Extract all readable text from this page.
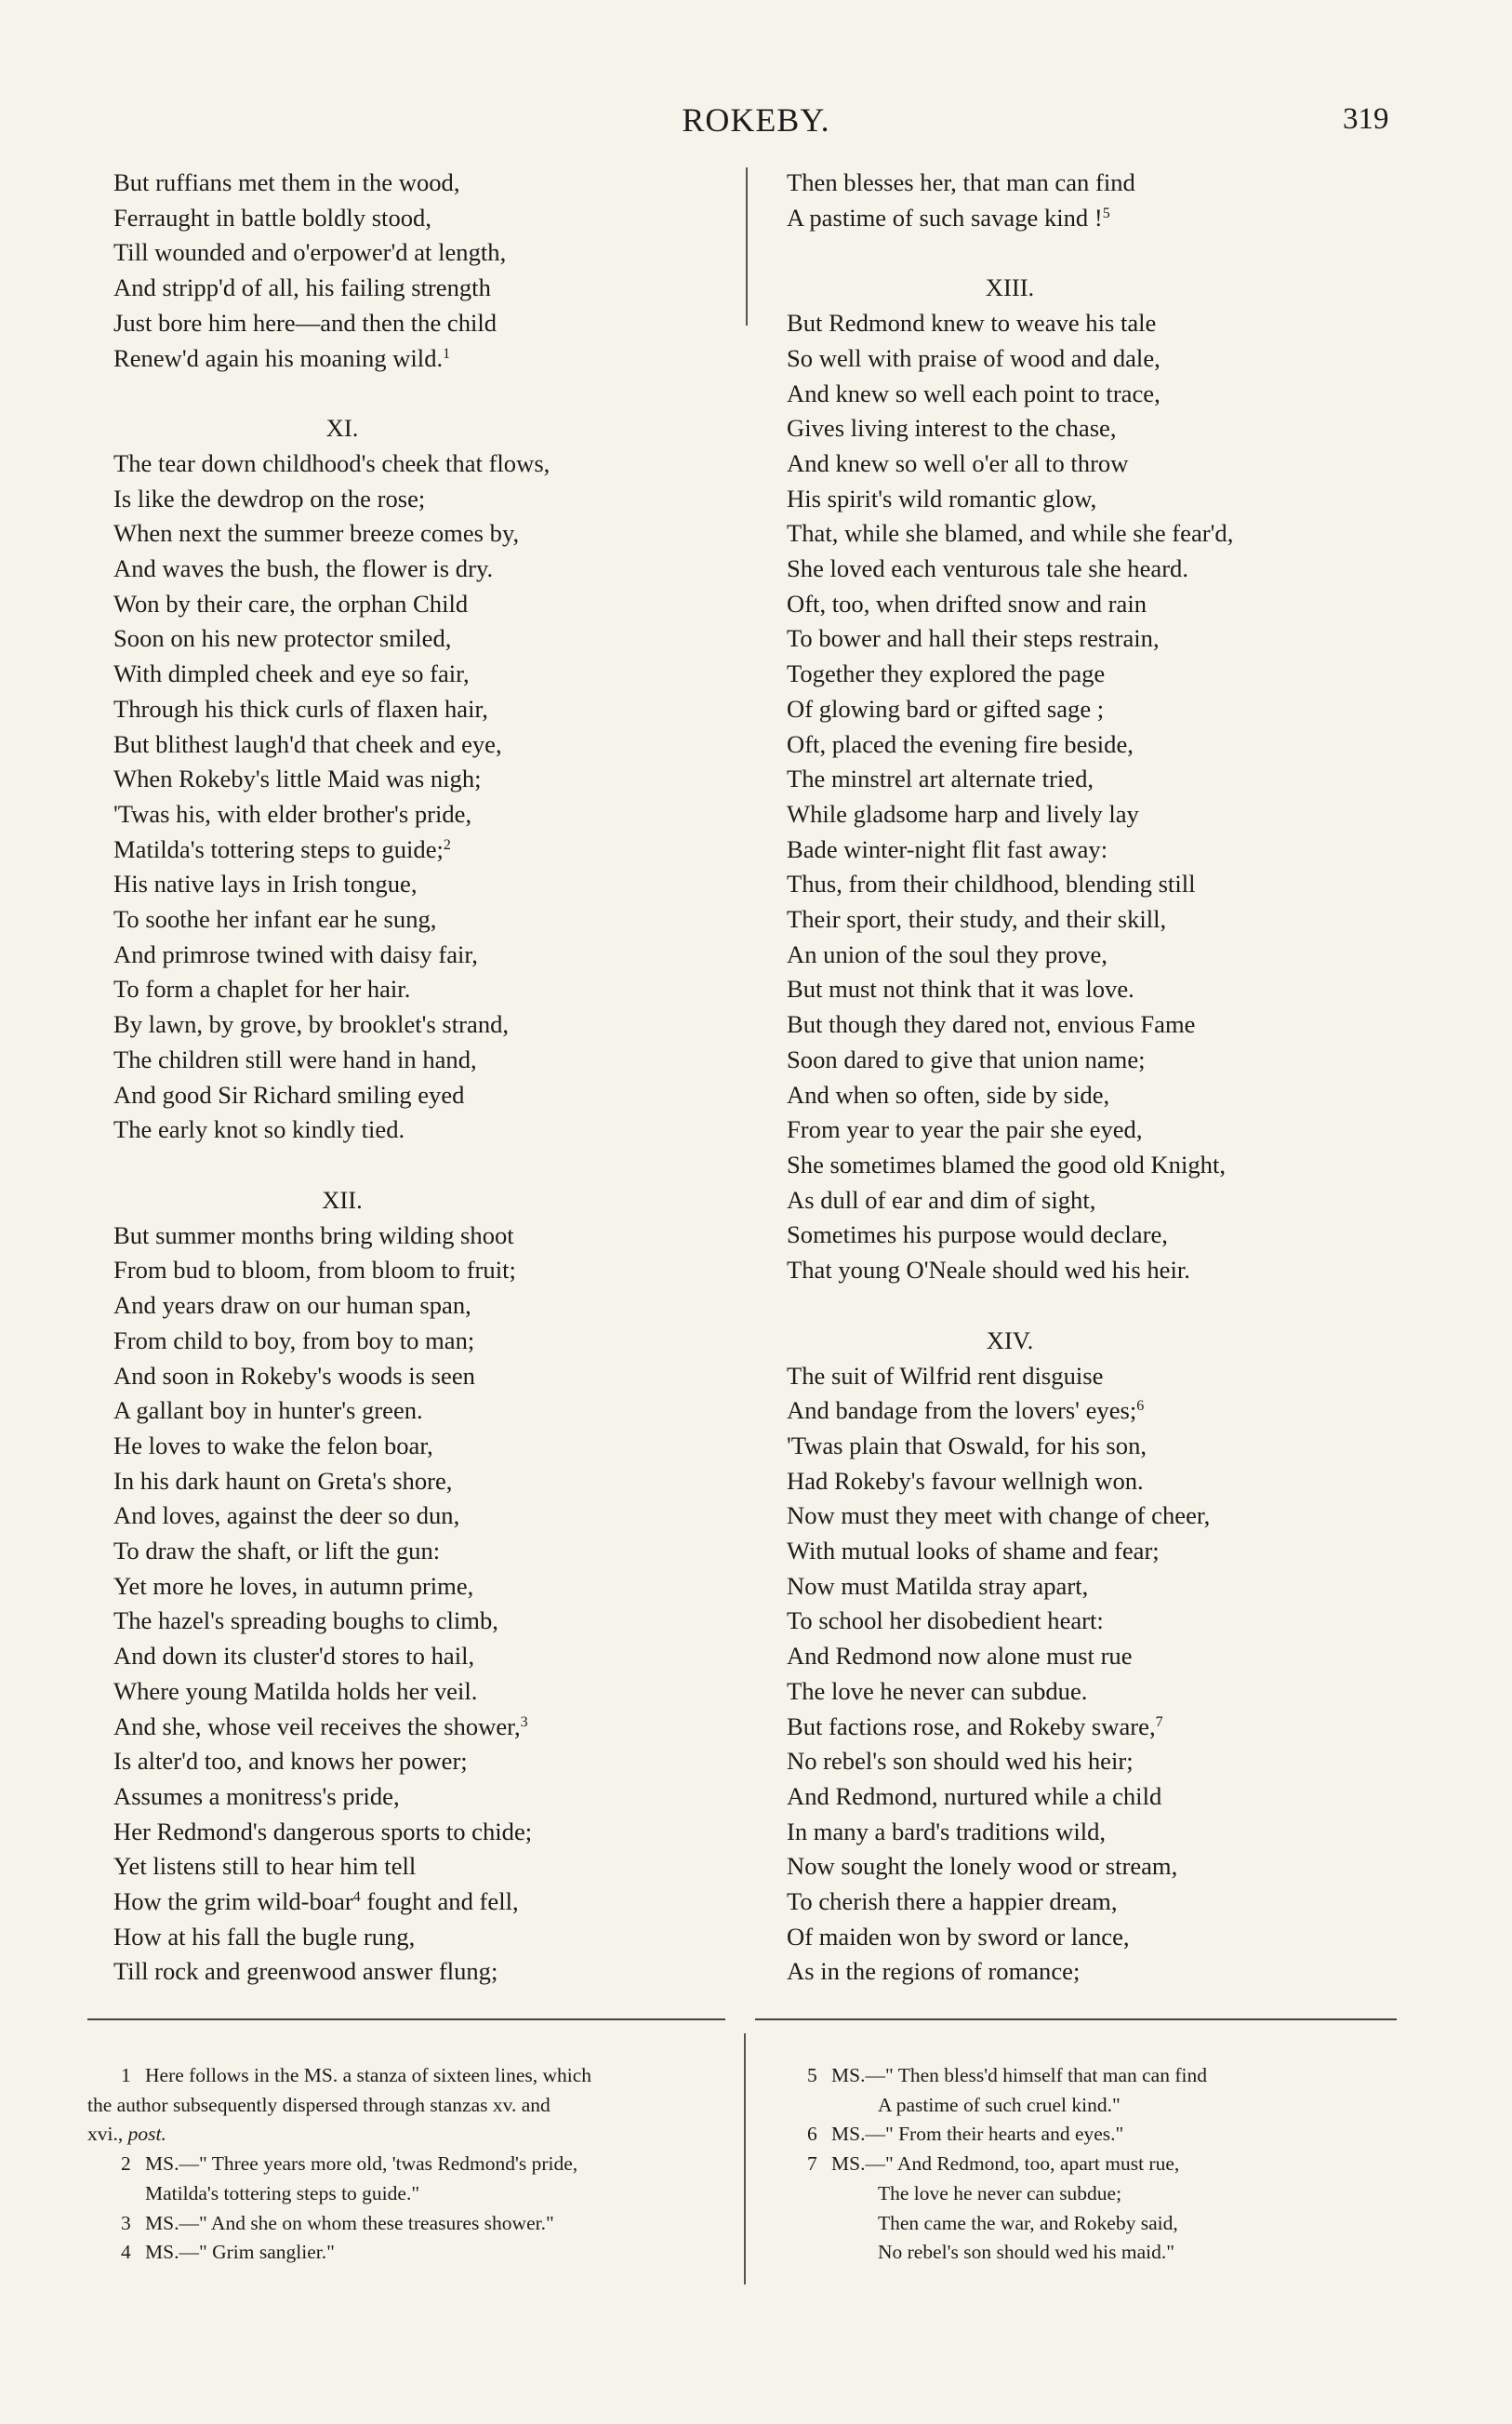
ROKEBY.	319
But ruffians met them in the wood,
Ferraught in battle boldly stood,
Till wounded and o'erpower'd at length,
And stripp'd of all, his failing strength
Just bore him here—and then the child
Renew'd again his moaning wild.$^1$
XI.
The tear down childhood's cheek that flows,
Is like the dewdrop on the rose;
When next the summer breeze comes by,
And waves the bush, the flower is dry.
Won by their care, the orphan Child
Soon on his new protector smiled,
With dimpled cheek and eye so fair,
Through his thick curls of flaxen hair,
But blithest laugh'd that cheek and eye,
When Rokeby's little Maid was nigh;
'Twas his, with elder brother's pride,
Matilda's tottering steps to guide;$^2$
His native lays in Irish tongue,
To soothe her infant ear he sung,
And primrose twined with daisy fair,
To form a chaplet for her hair.
By lawn, by grove, by brooklet's strand,
The children still were hand in hand,
And good Sir Richard smiling eyed
The early knot so kindly tied.
XII.
But summer months bring wilding shoot
From bud to bloom, from bloom to fruit;
And years draw on our human span,
From child to boy, from boy to man;
And soon in Rokeby's woods is seen
A gallant boy in hunter's green.
He loves to wake the felon boar,
In his dark haunt on Greta's shore,
And loves, against the deer so dun,
To draw the shaft, or lift the gun:
Yet more he loves, in autumn prime,
The hazel's spreading boughs to climb,
And down its cluster'd stores to hail,
Where young Matilda holds her veil.
And she, whose veil receives the shower,$^3$
Is alter'd too, and knows her power;
Assumes a monitress's pride,
Her Redmond's dangerous sports to chide;
Yet listens still to hear him tell
How the grim wild-boar$^4$ fought and fell,
How at his fall the bugle rung,
Till rock and greenwood answer flung;
Then blesses her, that man can find
A pastime of such savage kind !$^5$
XIII.
But Redmond knew to weave his tale
So well with praise of wood and dale,
And knew so well each point to trace,
Gives living interest to the chase,
And knew so well o'er all to throw
His spirit's wild romantic glow,
That, while she blamed, and while she fear'd,
She loved each venturous tale she heard.
Oft, too, when drifted snow and rain
To bower and hall their steps restrain,
Together they explored the page
Of glowing bard or gifted sage ;
Oft, placed the evening fire beside,
The minstrel art alternate tried,
While gladsome harp and lively lay
Bade winter-night flit fast away:
Thus, from their childhood, blending still
Their sport, their study, and their skill,
An union of the soul they prove,
But must not think that it was love.
But though they dared not, envious Fame
Soon dared to give that union name;
And when so often, side by side,
From year to year the pair she eyed,
She sometimes blamed the good old Knight,
As dull of ear and dim of sight,
Sometimes his purpose would declare,
That young O'Neale should wed his heir.
XIV.
The suit of Wilfrid rent disguise
And bandage from the lovers' eyes;$^6$
'Twas plain that Oswald, for his son,
Had Rokeby's favour wellnigh won.
Now must they meet with change of cheer,
With mutual looks of shame and fear;
Now must Matilda stray apart,
To school her disobedient heart:
And Redmond now alone must rue
The love he never can subdue.
But factions rose, and Rokeby sware,$^7$
No rebel's son should wed his heir;
And Redmond, nurtured while a child
In many a bard's traditions wild,
Now sought the lonely wood or stream,
To cherish there a happier dream,
Of maiden won by sword or lance,
As in the regions of romance;
1 Here follows in the MS. a stanza of sixteen lines, which
the author subsequently dispersed through stanzas xv. and
xvi., post.
2 MS.—" Three years more old, 'twas Redmond's pride,
Matilda's tottering steps to guide."
3 MS.—" And she on whom these treasures shower."
4 MS.—" Grim sanglier."
5 MS.—" Then bless'd himself that man can find
A pastime of such cruel kind."
6 MS.—" From their hearts and eyes."
7 MS.—" And Redmond, too, apart must rue,
The love he never can subdue;
Then came the war, and Rokeby said,
No rebel's son should wed his maid."
